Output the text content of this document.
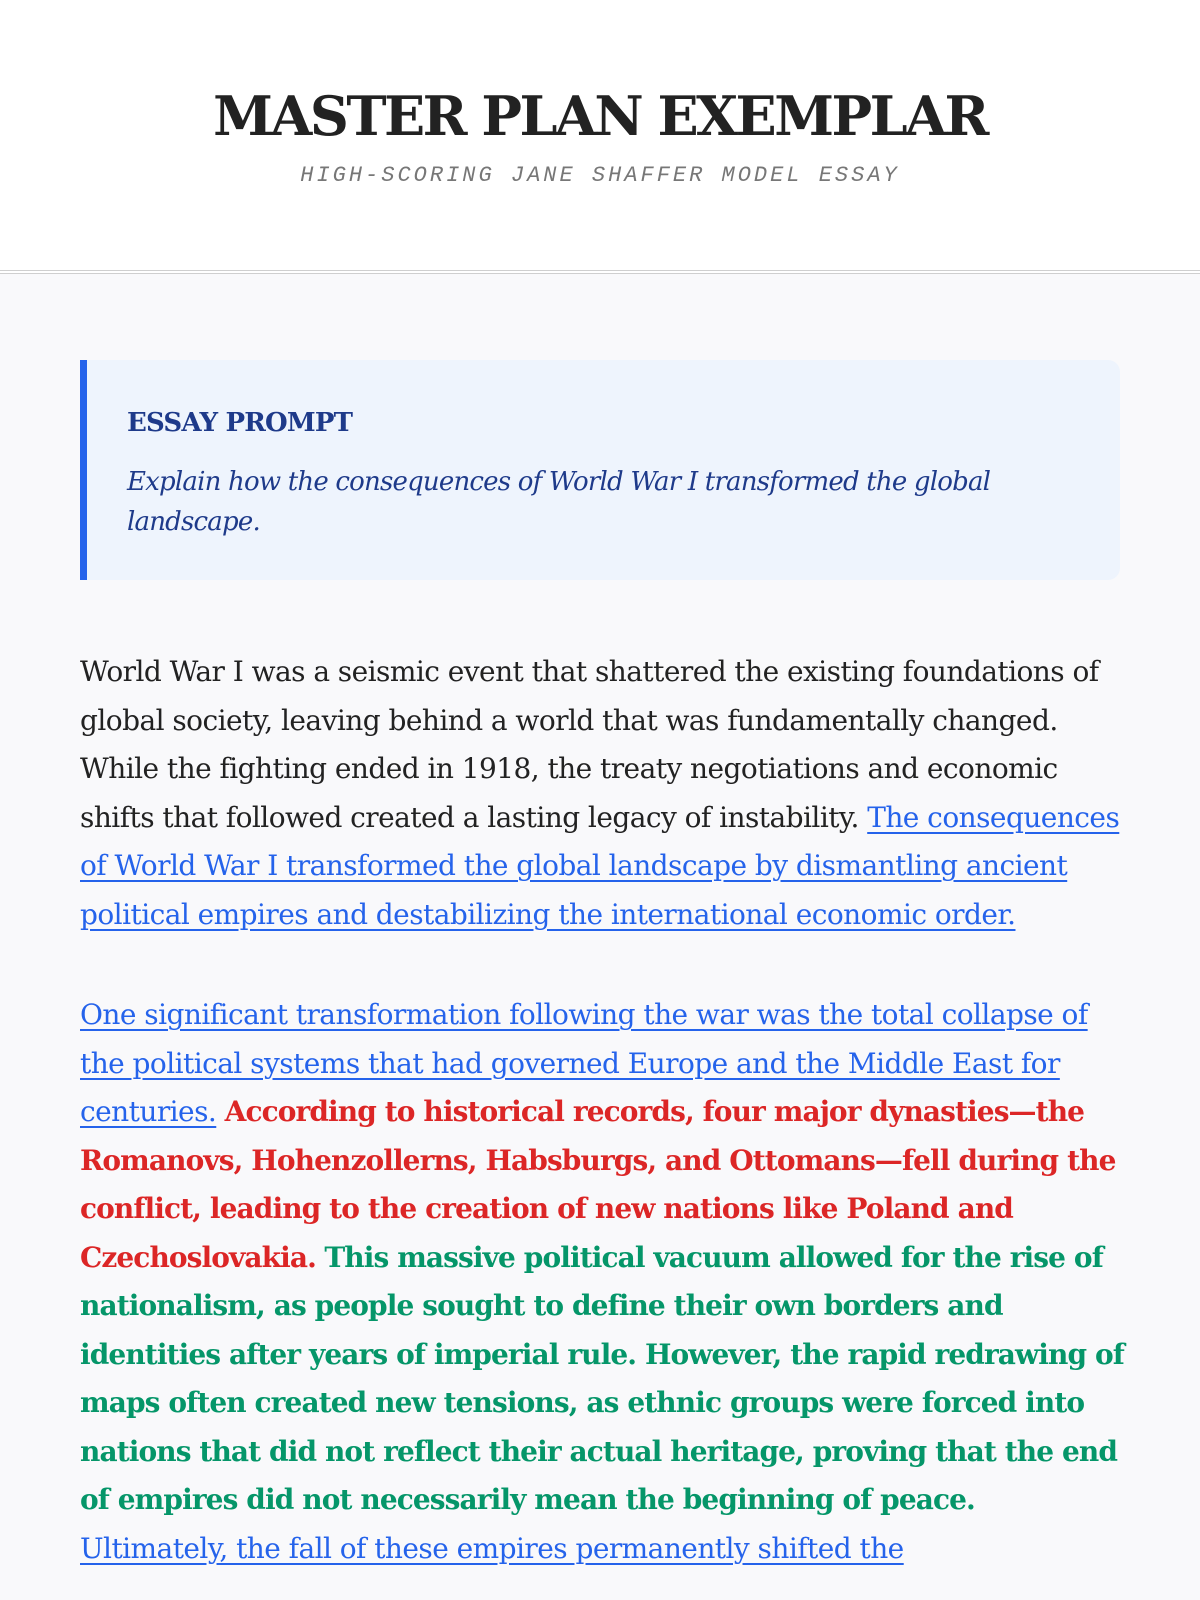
MASTER PLAN EXEMPLAR
HIGH-SCORING JANE SHAFFER MODEL ESSAY
ESSAY PROMPT
Explain how the consequences of World War I transformed the global landscape.

World War I was a seismic event that shattered the existing foundations of global society, leaving behind a world that was fundamentally changed. While the fighting ended in 1918, the treaty negotiations and economic shifts that followed created a lasting legacy of instability. The consequences of World War I transformed the global landscape by dismantling ancient political empires and destabilizing the international economic order.

One significant transformation following the war was the total collapse of the political systems that had governed Europe and the Middle East for centuries. According to historical records, four major dynasties—the Romanovs, Hohenzollerns, Habsburgs, and Ottomans—fell during the conflict, leading to the creation of new nations like Poland and Czechoslovakia. This massive political vacuum allowed for the rise of nationalism, as people sought to define their own borders and identities after years of imperial rule. However, the rapid redrawing of maps often created new tensions, as ethnic groups were forced into nations that did not reflect their actual heritage, proving that the end of empires did not necessarily mean the beginning of peace. Ultimately, the fall of these empires permanently shifted the
